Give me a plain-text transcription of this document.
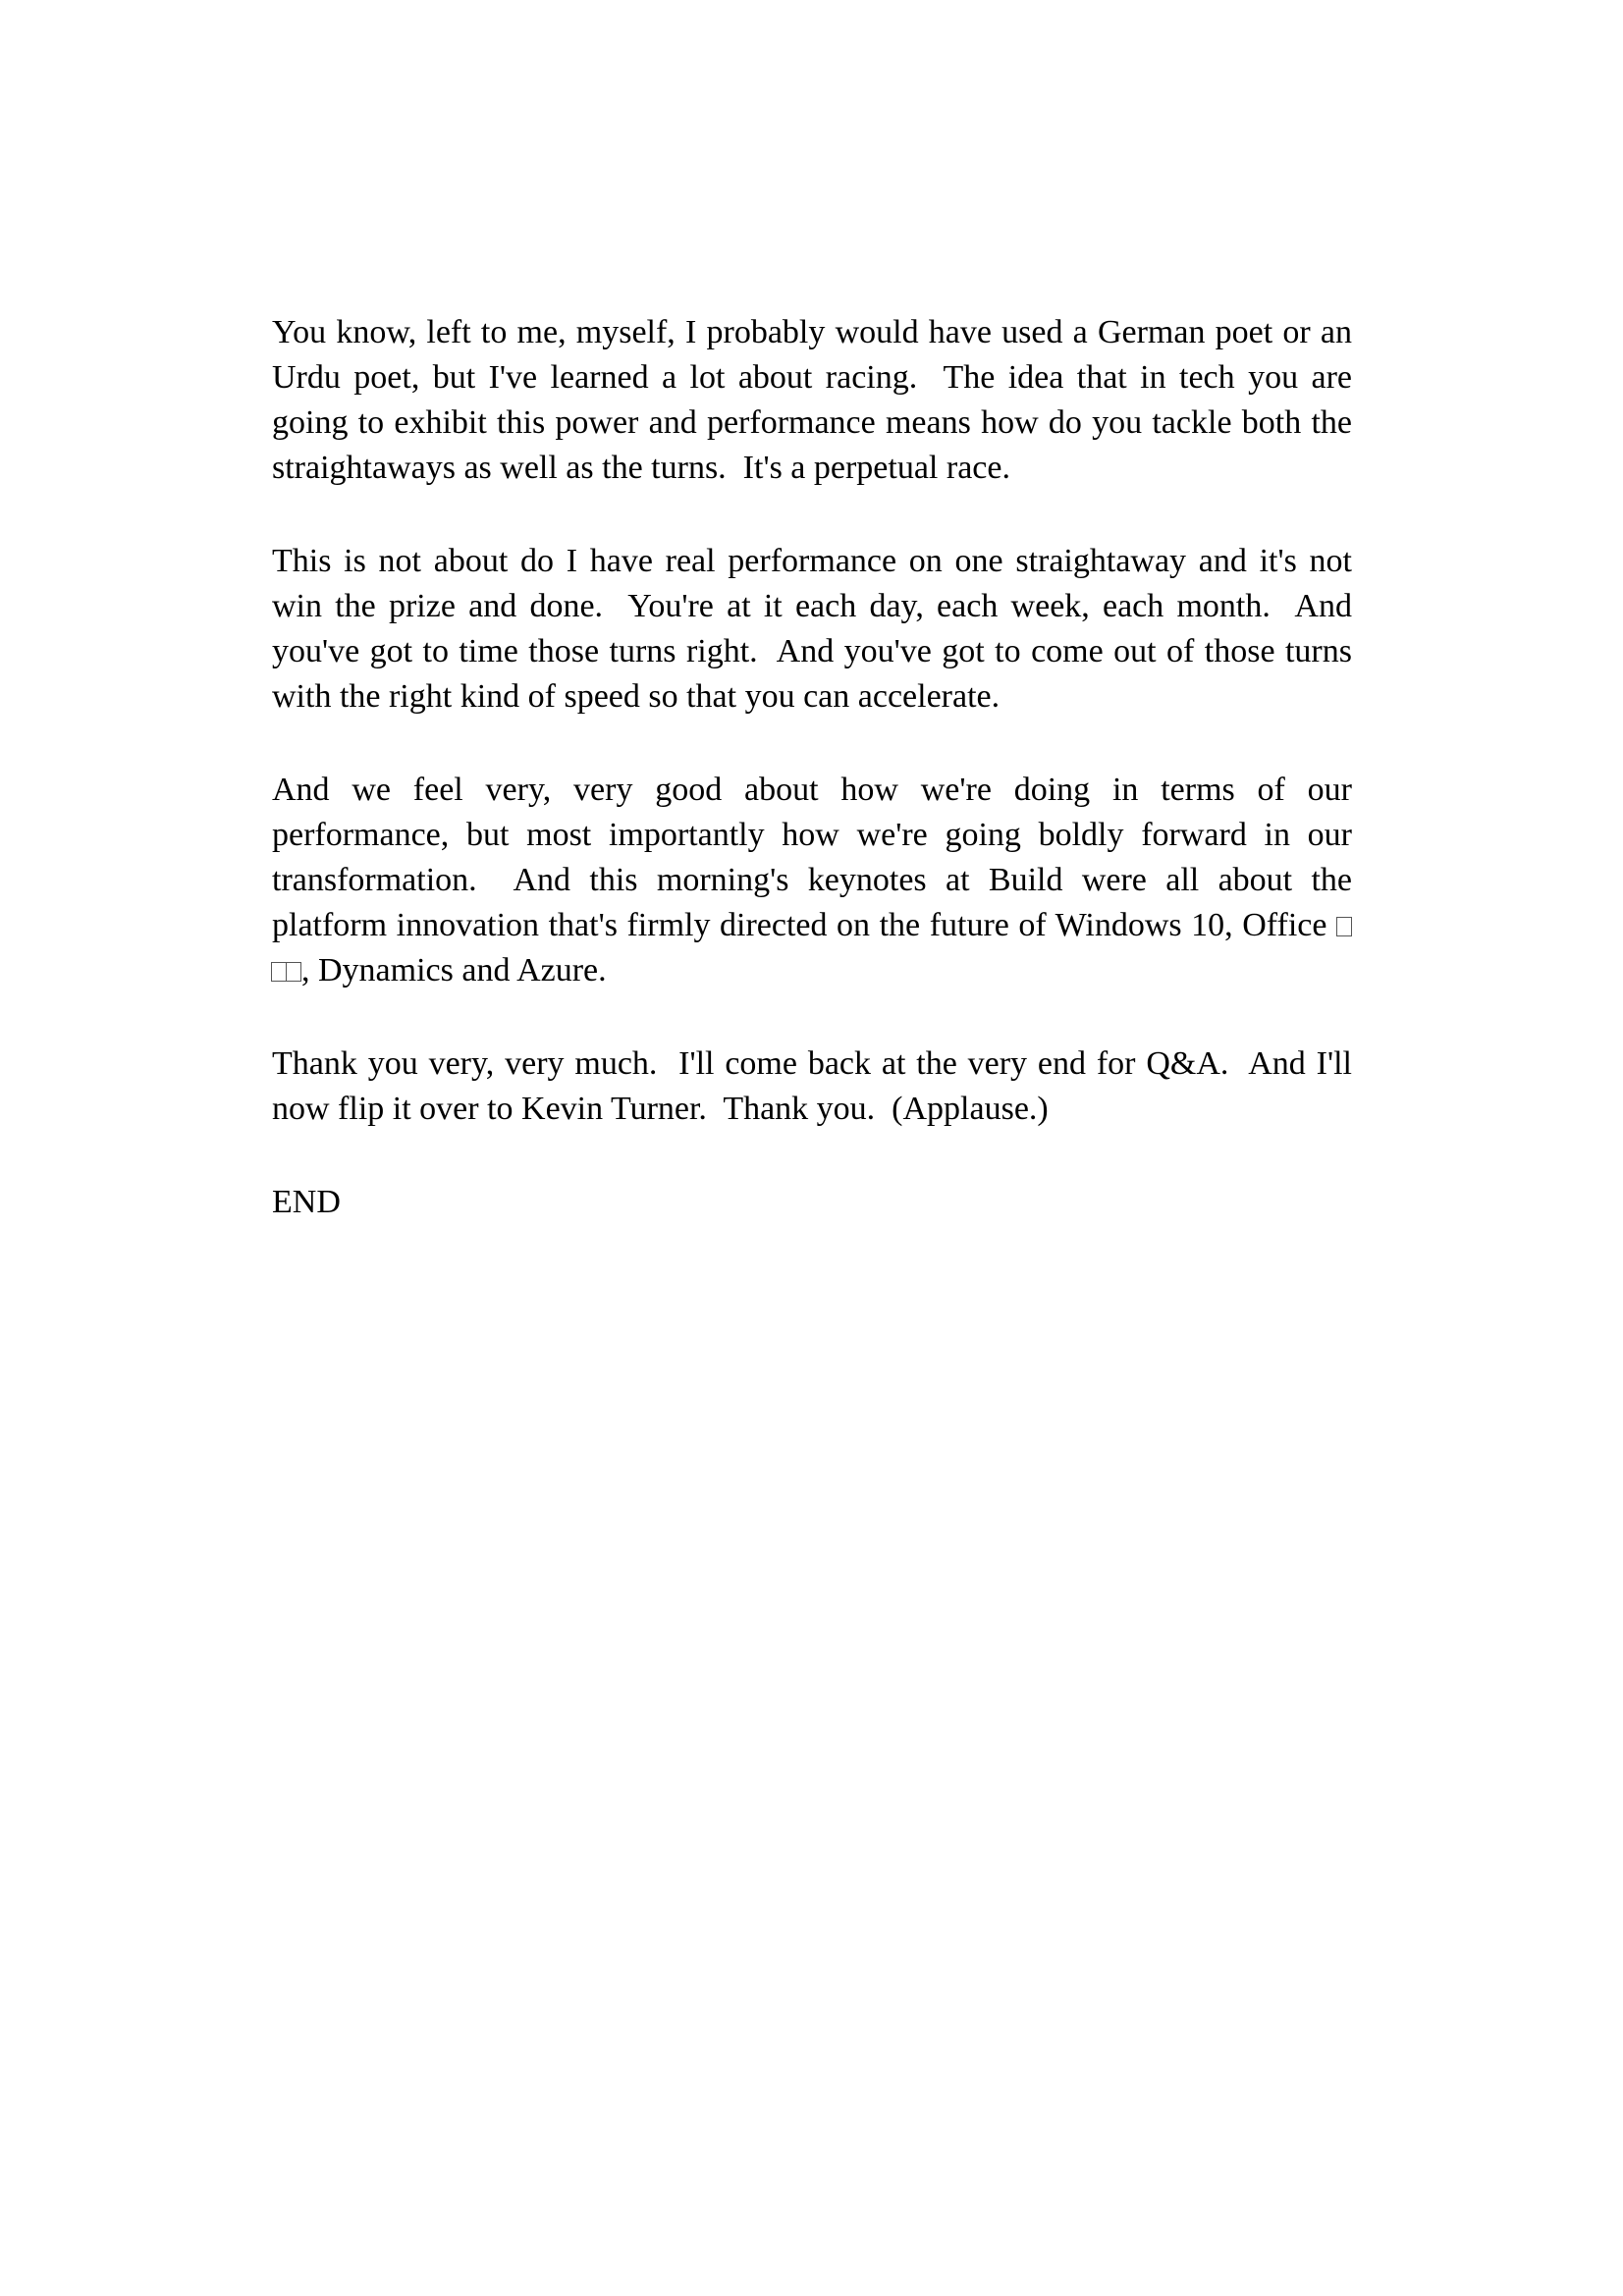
You know, left to me, myself, I probably would have used a German poet or an Urdu poet, but I've learned a lot about racing.  The idea that in tech you are going to exhibit this power and performance means how do you tackle both the straightaways as well as the turns.  It's a perpetual race.

This is not about do I have real performance on one straightaway and it's not win the prize and done.  You're at it each day, each week, each month.  And you've got to time those turns right.  And you've got to come out of those turns with the right kind of speed so that you can accelerate.

And we feel very, very good about how we're doing in terms of our performance, but most importantly how we're going boldly forward in our transformation.  And this morning's keynotes at Build were all about the platform innovation that's firmly directed on the future of Windows 10, Office , Dynamics and Azure.

Thank you very, very much.  I'll come back at the very end for Q&A.  And I'll now flip it over to Kevin Turner.  Thank you.  (Applause.)

END
